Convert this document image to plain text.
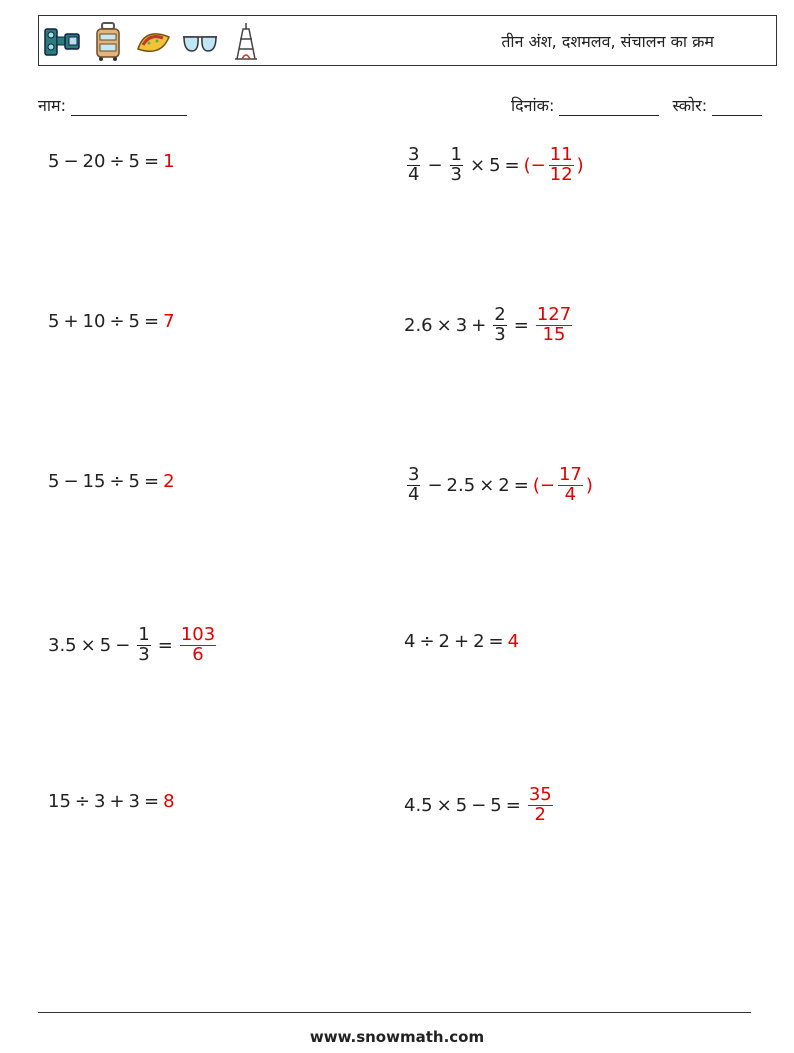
तीन अंश, दशमलव, संचालन का क्रम
नाम:	दिनांक:	स्कोर:
5 − 20 ÷ 5 = 1
5 + 10 ÷ 5 = 7
5 − 15 ÷ 5 = 2
$3.5 \times 5 - \frac{1}{3} = \frac{103}{6}$
15 ÷ 3 + 3 = 8
$\frac{3}{4} - \frac{1}{3} \times 5$ = (− $\frac{11}{12}$ )
$2.6 \times 3 + \frac{2}{3} = \frac{127}{15}$
$\frac{3}{4} - 2.5 \times 2$ = (− $\frac{17}{4}$ )
4 ÷ 2 + 2 = 4
$4.5 \times 5 - 5 = \frac{35}{2}$
www.snowmath.com
